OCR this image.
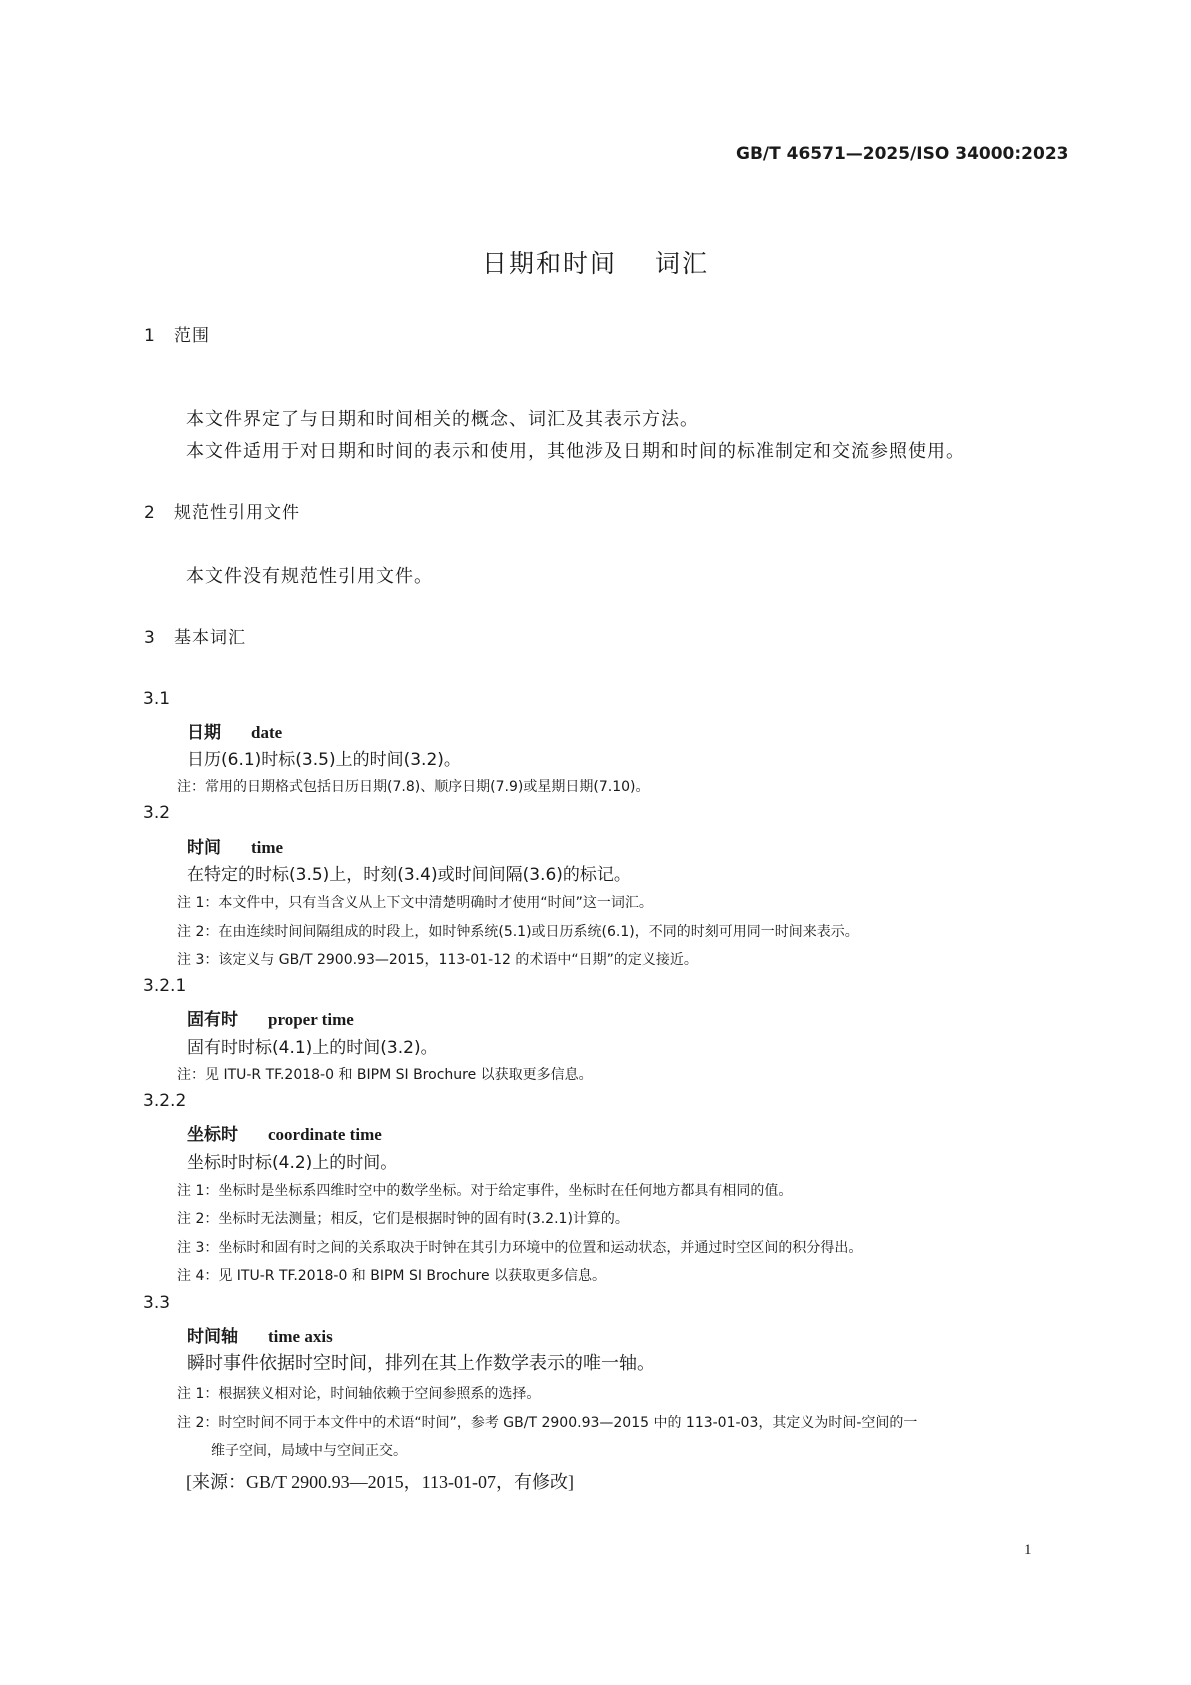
GB/T 46571—2025/ISO 34000:2023
日期和时间 词汇
1 范围
本文件界定了与日期和时间相关的概念、词汇及其表示方法。
本文件适用于对日期和时间的表示和使用，其他涉及日期和时间的标准制定和交流参照使用。
2 规范性引用文件
本文件没有规范性引用文件。
3 基本词汇
3.1
日期 date
日历(6.1)时标(3.5)上的时间(3.2)。
注：常用的日期格式包括日历日期(7.8)、顺序日期(7.9)或星期日期(7.10)。
3.2
时间 time
在特定的时标(3.5)上，时刻(3.4)或时间间隔(3.6)的标记。
注 1：本文件中，只有当含义从上下文中清楚明确时才使用“时间”这一词汇。
注 2：在由连续时间间隔组成的时段上，如时钟系统(5.1)或日历系统(6.1)，不同的时刻可用同一时间来表示。
注 3：该定义与 GB/T 2900.93—2015，113-01-12 的术语中“日期”的定义接近。
3.2.1
固有时 proper time
固有时时标(4.1)上的时间(3.2)。
注：见 ITU-R TF.2018-0 和 BIPM SI Brochure 以获取更多信息。
3.2.2
坐标时 coordinate time
坐标时时标(4.2)上的时间。
注 1：坐标时是坐标系四维时空中的数学坐标。对于给定事件，坐标时在任何地方都具有相同的值。
注 2：坐标时无法测量；相反，它们是根据时钟的固有时(3.2.1)计算的。
注 3：坐标时和固有时之间的关系取决于时钟在其引力环境中的位置和运动状态，并通过时空区间的积分得出。
注 4：见 ITU-R TF.2018-0 和 BIPM SI Brochure 以获取更多信息。
3.3
时间轴 time axis
瞬时事件依据时空时间，排列在其上作数学表示的唯一轴。
注 1：根据狭义相对论，时间轴依赖于空间参照系的选择。
注 2：时空时间不同于本文件中的术语“时间”，参考 GB/T 2900.93—2015 中的 113-01-03，其定义为时间-空间的一
维子空间，局域中与空间正交。
[来源：GB/T 2900.93—2015，113-01-07，有修改]
1
